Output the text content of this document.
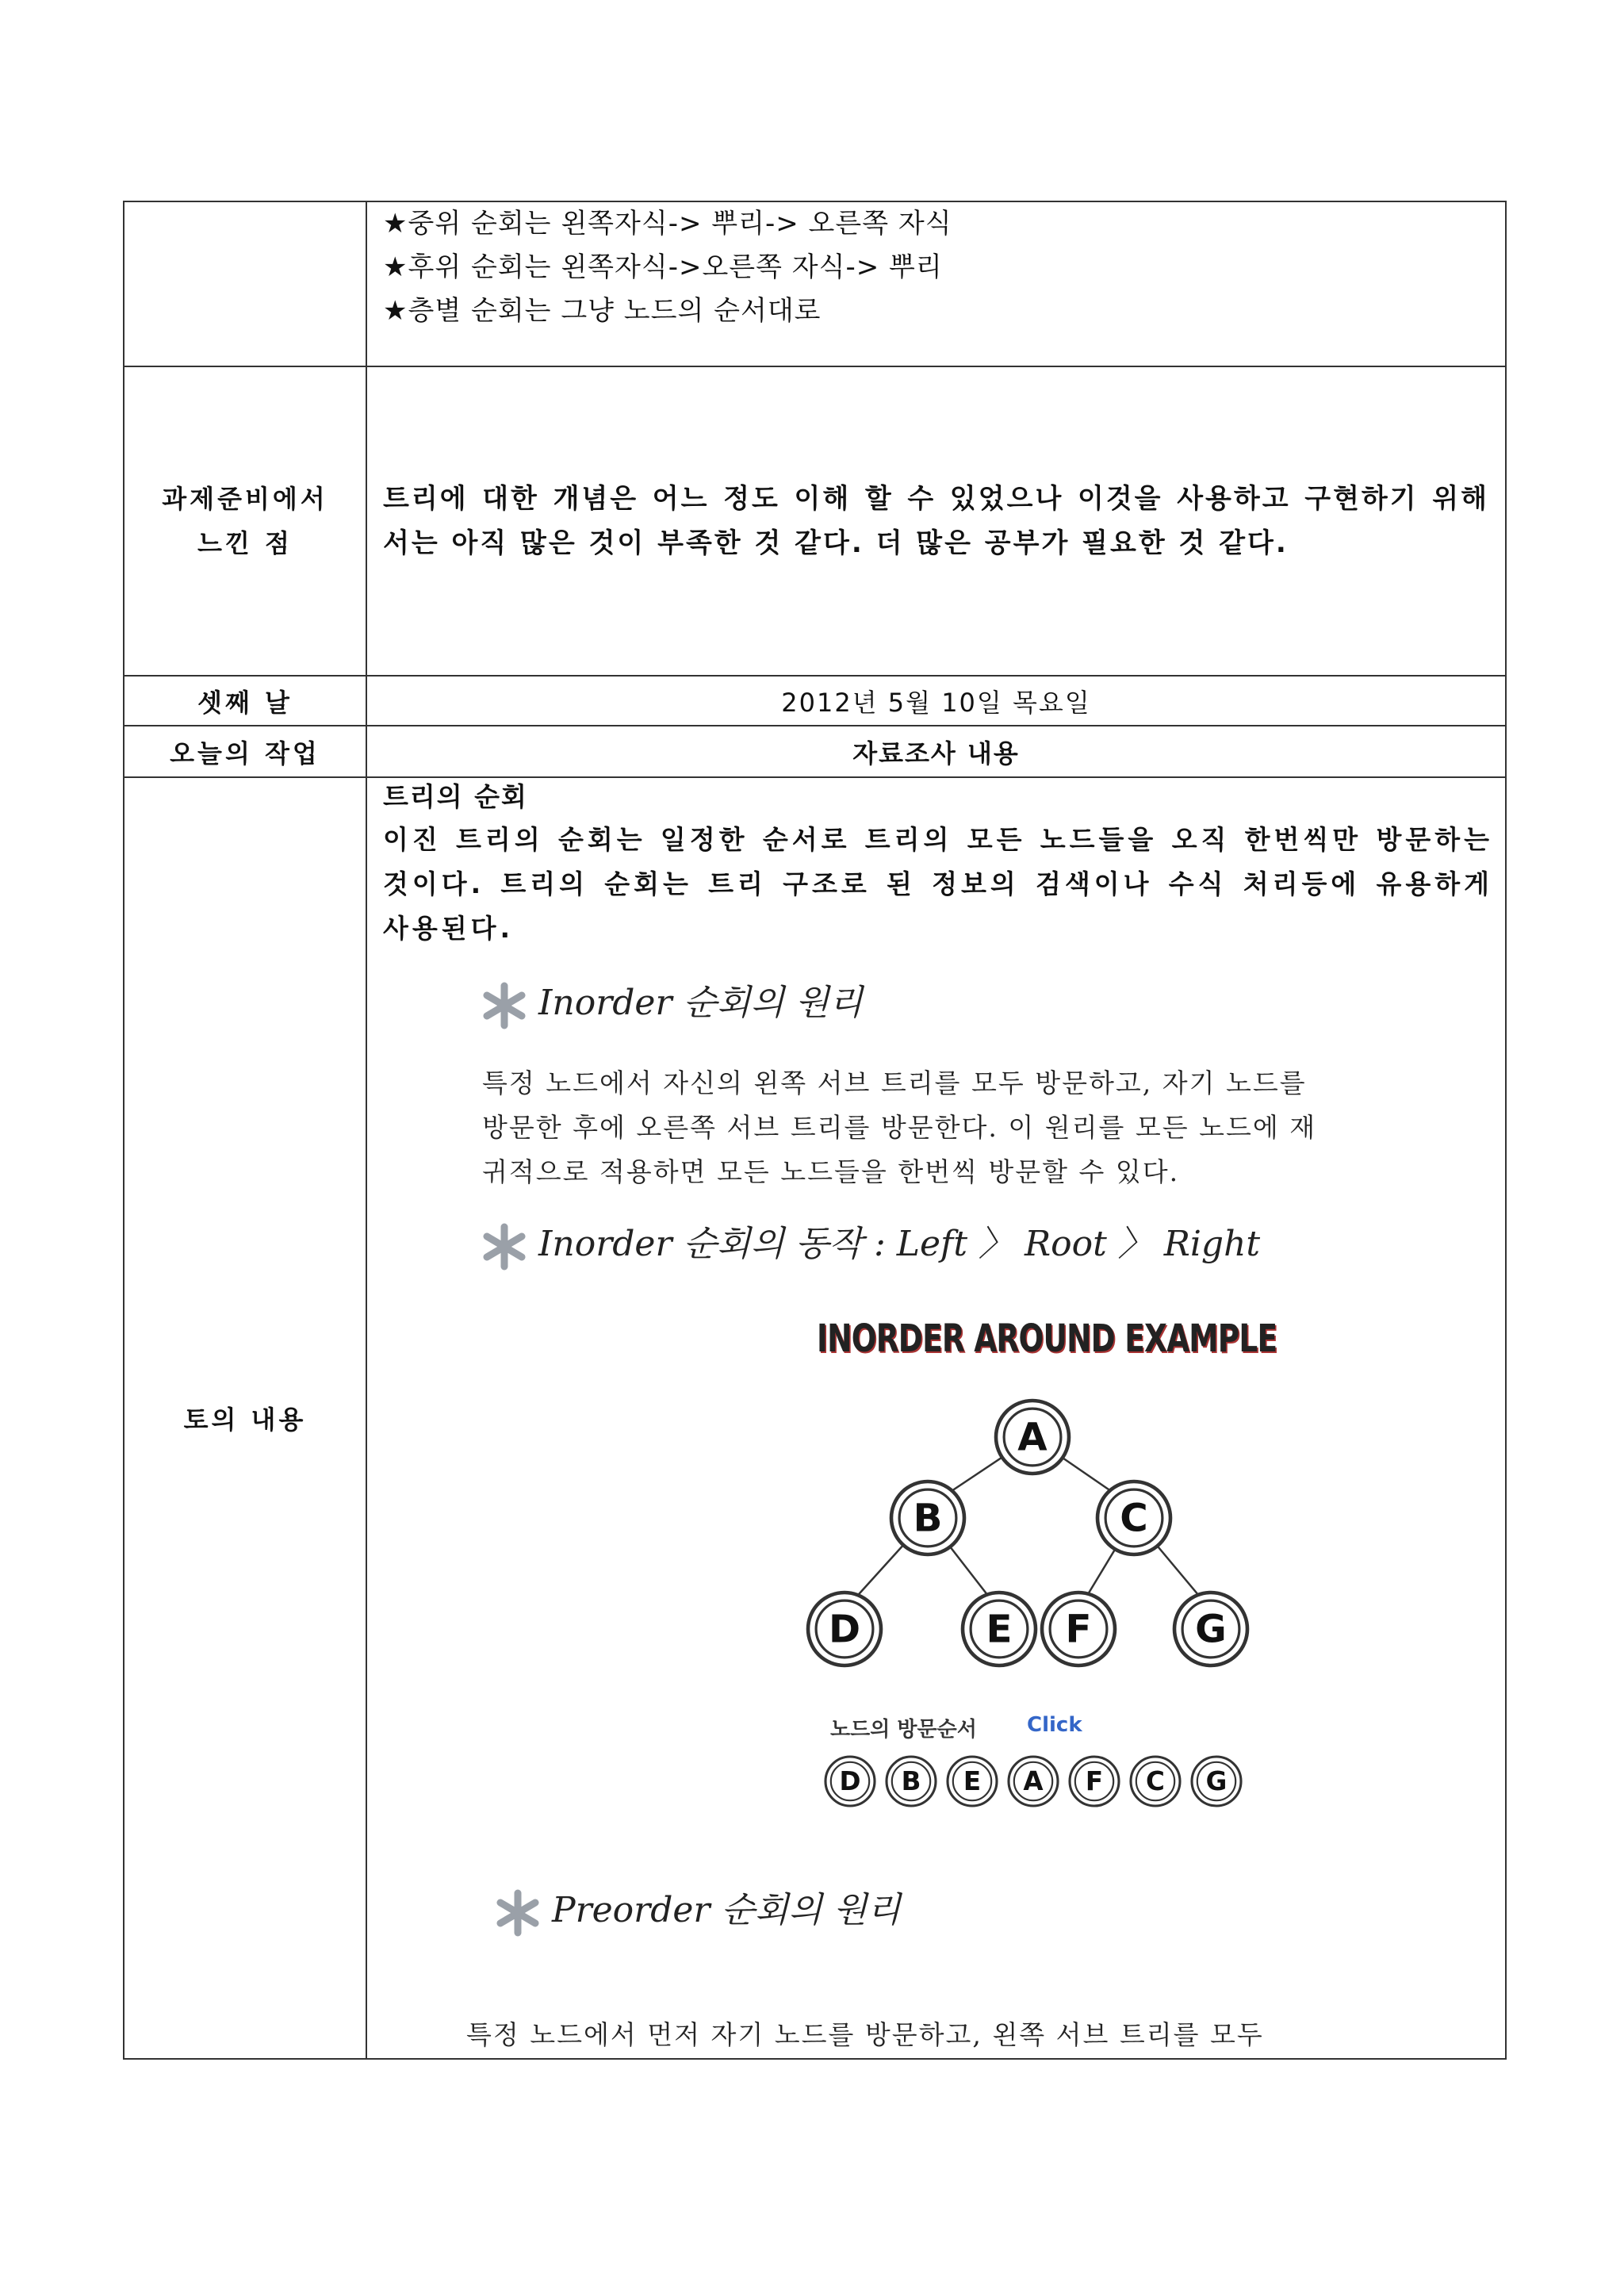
	★중위 순회는 왼쪽자식-> 뿌리-> 오른쪽 자식
★후위 순회는 왼쪽자식->오른쪽 자식-> 뿌리
★층별 순회는 그냥 노드의 순서대로

과제준비에서
느낀 점	트리에 대한 개념은 어느 정도 이해 할 수 있었으나 이것을 사용하고 구현하기 위해서는 아직 많은 것이 부족한 것 같다. 더 많은 공부가 필요한 것 같다.

셋째 날	2012년 5월 10일 목요일
오늘의 작업	자료조사 내용
토의 내용	트리의 순회
이진 트리의 순회는 일정한 순서로 트리의 모든 노드들을 오직 한번씩만 방문하는 것이다. 트리의 순회는 트리 구조로 된 정보의 검색이나 수식 처리등에 유용하게 사용된다.
Inorder 순회의 원리
특정 노드에서 자신의 왼쪽 서브 트리를 모두 방문하고, 자기 노드를
방문한 후에 오른쪽 서브 트리를 방문한다. 이 원리를 모든 노드에 재
귀적으로 적용하면 모든 노드들을 한번씩 방문할 수 있다.
Inorder 순회의 동작 : Left 〉 Root 〉 Right
INORDER AROUND EXAMPLE
A
B	C
D	E F	G
D B E A F C G
노드의 방문순서 Click
Preorder 순회의 원리
특정 노드에서 먼저 자기 노드를 방문하고, 왼쪽 서브 트리를 모두
